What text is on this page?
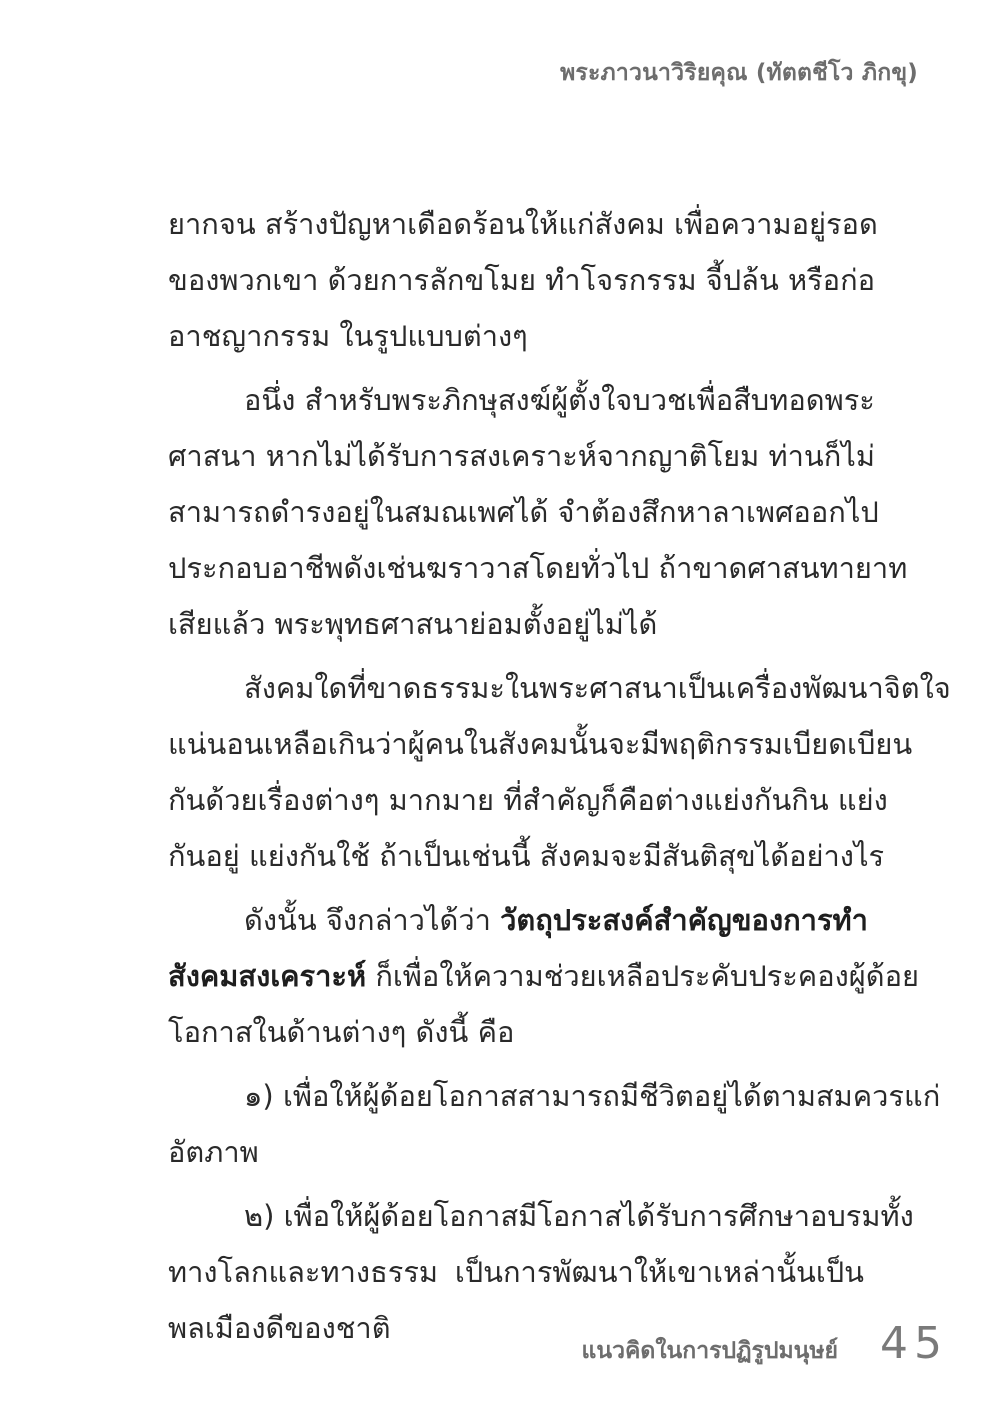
พระภาวนาวิริยคุณ (ทัตตชีโว ภิกขุ)

ยากจน สร้างปัญหาเดือดร้อนให้แก่สังคม เพื่อความอยู่รอด
ของพวกเขา ด้วยการลักขโมย ทำโจรกรรม จี้ปล้น หรือก่อ
อาชญากรรม ในรูปแบบต่างๆ

อนึ่ง สำหรับพระภิกษุสงฆ์ผู้ตั้งใจบวชเพื่อสืบทอดพระ
ศาสนา หากไม่ได้รับการสงเคราะห์จากญาติโยม ท่านก็ไม่
สามารถดำรงอยู่ในสมณเพศได้ จำต้องสึกหาลาเพศออกไป
ประกอบอาชีพดังเช่นฆราวาสโดยทั่วไป ถ้าขาดศาสนทายาท
เสียแล้ว พระพุทธศาสนาย่อมตั้งอยู่ไม่ได้

สังคมใดที่ขาดธรรมะในพระศาสนาเป็นเครื่องพัฒนาจิตใจ
แน่นอนเหลือเกินว่าผู้คนในสังคมนั้นจะมีพฤติกรรมเบียดเบียน
กันด้วยเรื่องต่างๆ มากมาย ที่สำคัญก็คือต่างแย่งกันกิน แย่ง
กันอยู่ แย่งกันใช้ ถ้าเป็นเช่นนี้ สังคมจะมีสันติสุขได้อย่างไร

ดังนั้น จึงกล่าวได้ว่า วัตถุประสงค์สำคัญของการทำ
สังคมสงเคราะห์ ก็เพื่อให้ความช่วยเหลือประคับประคองผู้ด้อย
โอกาสในด้านต่างๆ ดังนี้ คือ

๑) เพื่อให้ผู้ด้อยโอกาสสามารถมีชีวิตอยู่ได้ตามสมควรแก่
อัตภาพ

๒) เพื่อให้ผู้ด้อยโอกาสมีโอกาสได้รับการศึกษาอบรมทั้ง
ทางโลกและทางธรรม เป็นการพัฒนาให้เขาเหล่านั้นเป็น
พลเมืองดีของชาติ

แนวคิดในการปฏิรูปมนุษย์ 45
